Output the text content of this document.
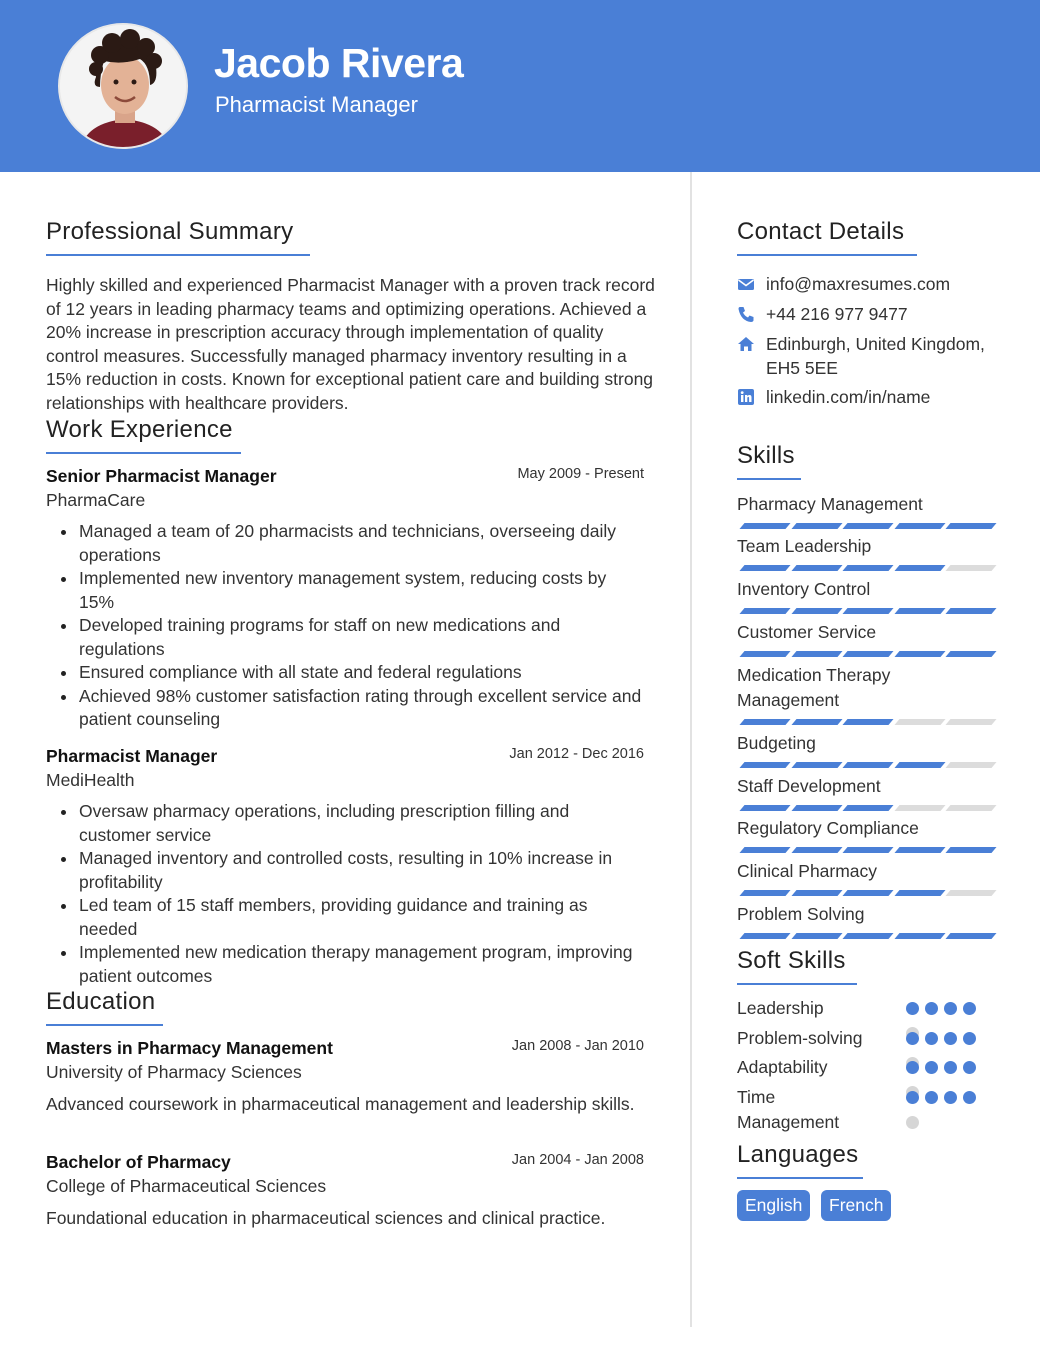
Jacob Rivera
Pharmacist Manager
Professional Summary
Highly skilled and experienced Pharmacist Manager with a proven track record of 12 years in leading pharmacy teams and optimizing operations. Achieved a 20% increase in prescription accuracy through implementation of quality control measures. Successfully managed pharmacy inventory resulting in a 15% reduction in costs. Known for exceptional patient care and building strong relationships with healthcare providers.
Work Experience
Senior Pharmacist Manager
PharmaCare
May 2009 - Present
Managed a team of 20 pharmacists and technicians, overseeing daily operations
Implemented new inventory management system, reducing costs by 15%
Developed training programs for staff on new medications and regulations
Ensured compliance with all state and federal regulations
Achieved 98% customer satisfaction rating through excellent service and patient counseling
Pharmacist Manager
MediHealth
Jan 2012 - Dec 2016
Oversaw pharmacy operations, including prescription filling and customer service
Managed inventory and controlled costs, resulting in 10% increase in profitability
Led team of 15 staff members, providing guidance and training as needed
Implemented new medication therapy management program, improving patient outcomes
Education
Masters in Pharmacy Management
University of Pharmacy Sciences
Jan 2008 - Jan 2010
Advanced coursework in pharmaceutical management and leadership skills.
Bachelor of Pharmacy
College of Pharmaceutical Sciences
Jan 2004 - Jan 2008
Foundational education in pharmaceutical sciences and clinical practice.
Contact Details
info@maxresumes.com
+44 216 977 9477
Edinburgh, United Kingdom, EH5 5EE
linkedin.com/in/name
Skills
Pharmacy Management
Team Leadership
Inventory Control
Customer Service
Medication Therapy Management
Budgeting
Staff Development
Regulatory Compliance
Clinical Pharmacy
Problem Solving
Soft Skills
Leadership
Problem-solving
Adaptability
Time Management
Languages
English	French
